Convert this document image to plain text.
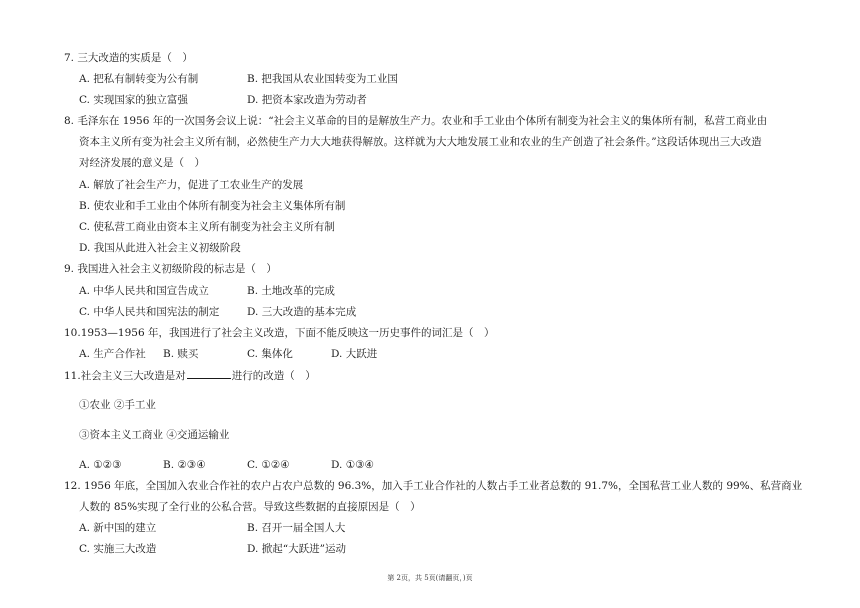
7. 三大改造的实质是（　）
A. 把私有制转变为公有制	B. 把我国从农业国转变为工业国
C. 实现国家的独立富强	D. 把资本家改造为劳动者
8. 毛泽东在 1956 年的一次国务会议上说：“社会主义革命的目的是解放生产力。农业和手工业由个体所有制变为社会主义的集体所有制，私营工商业由
资本主义所有变为社会主义所有制，必然使生产力大大地获得解放。这样就为大大地发展工业和农业的生产创造了社会条件。”这段话体现出三大改造
对经济发展的意义是（　）
A. 解放了社会生产力，促进了工农业生产的发展
B. 使农业和手工业由个体所有制变为社会主义集体所有制
C. 使私营工商业由资本主义所有制变为社会主义所有制
D. 我国从此进入社会主义初级阶段
9. 我国进入社会主义初级阶段的标志是（　）
A. 中华人民共和国宣告成立	B. 土地改革的完成
C. 中华人民共和国宪法的制定	D. 三大改造的基本完成
10.1953—1956 年，我国进行了社会主义改造，下面不能反映这一历史事件的词汇是（　）
A. 生产合作社 B. 赎买	C. 集体化	D. 大跃进
11.社会主义三大改造是对	进行的改造（　）
①农业 ②手工业
③资本主义工商业 ④交通运输业
A. ①②③	B. ②③④	C. ①②④	D. ①③④
12. 1956 年底，全国加入农业合作社的农户占农户总数的 96.3%，加入手工业合作社的人数占手工业者总数的 91.7%，全国私营工业人数的 99%、私营商业
人数的 85%实现了全行业的公私合营。导致这些数据的直接原因是（　）
A. 新中国的建立	B. 召开一届全国人大
C. 实施三大改造	D. 掀起“大跃进”运动
第 2页，共 5页(请翻页，)页
